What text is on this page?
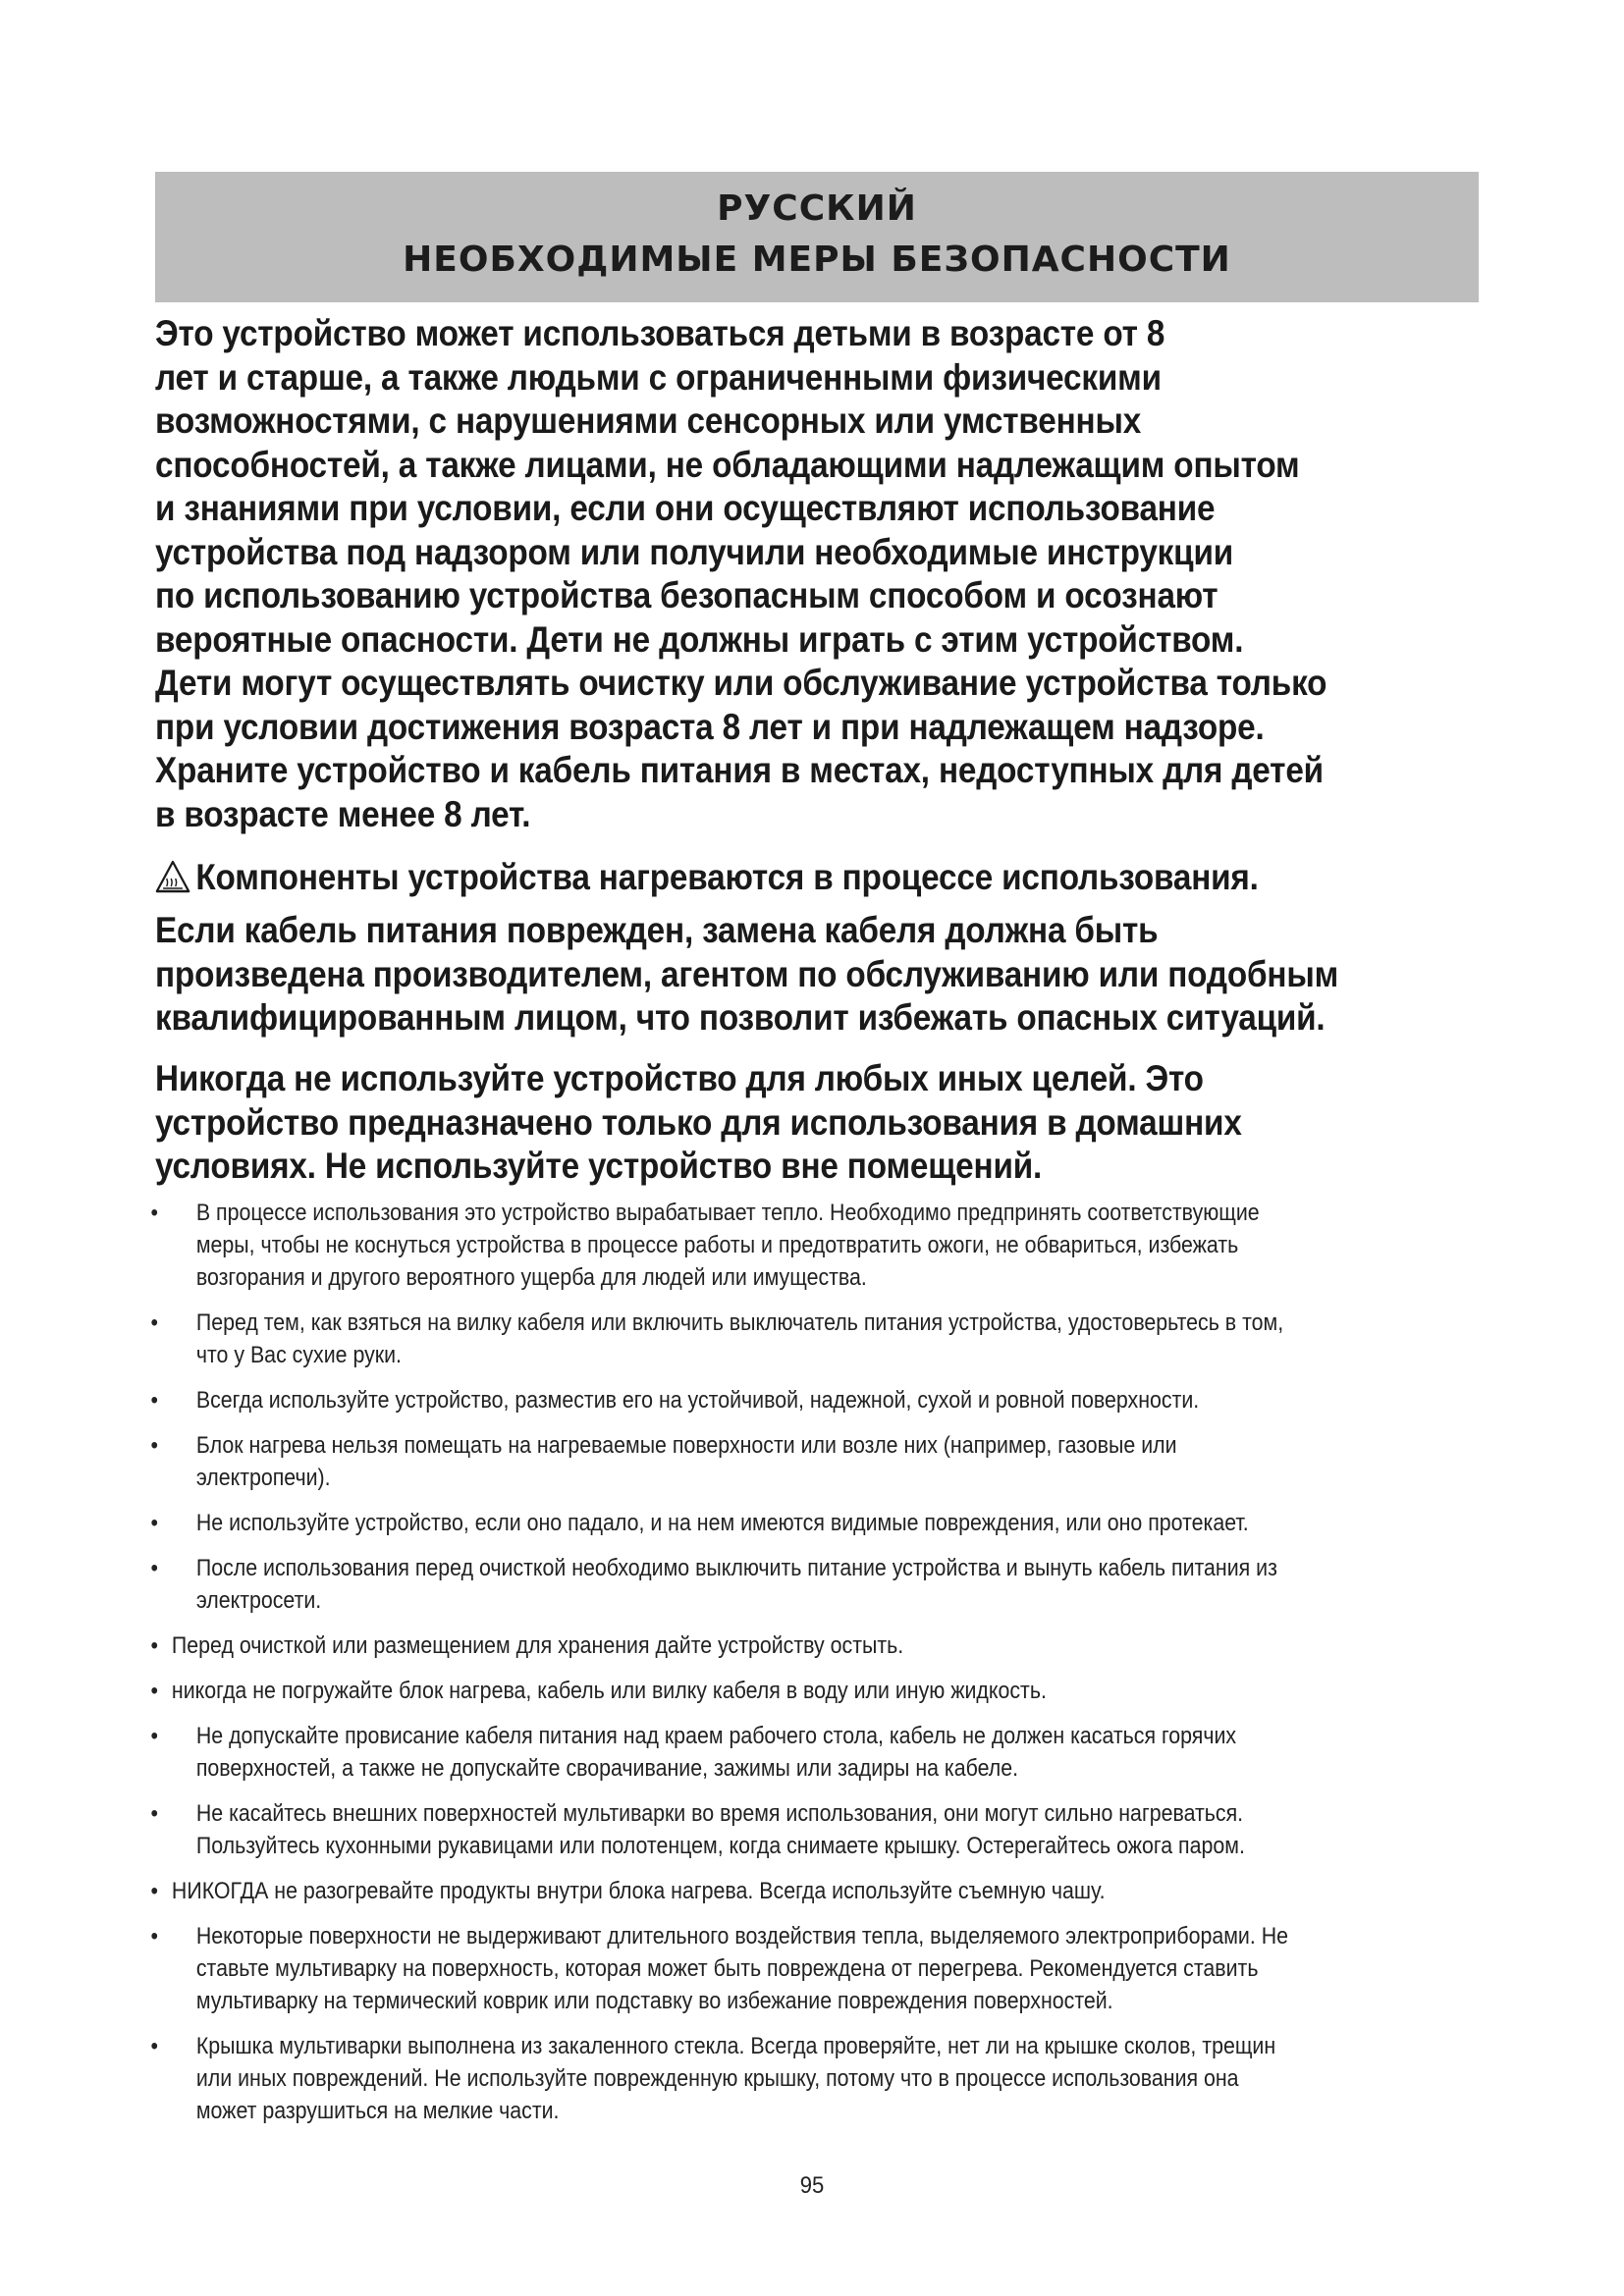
РУССКИЙ
НЕОБХОДИМЫЕ МЕРЫ БЕЗОПАСНОСТИ
Это устройство может использоваться детьми в возрасте от 8
лет и старше, а также людьми с ограниченными физическими
возможностями, с нарушениями сенсорных или умственных
способностей, а также лицами, не обладающими надлежащим опытом
и знаниями при условии, если они осуществляют использование
устройства под надзором или получили необходимые инструкции
по использованию устройства безопасным способом и осознают
вероятные опасности. Дети не должны играть с этим устройством.
Дети могут осуществлять очистку или обслуживание устройства только
при условии достижения возраста 8 лет и при надлежащем надзоре.
Храните устройство и кабель питания в местах, недоступных для детей
в возрасте менее 8 лет.
Компоненты устройства нагреваются в процессе использования.
Если кабель питания поврежден, замена кабеля должна быть
произведена производителем, агентом по обслуживанию или подобным
квалифицированным лицом, что позволит избежать опасных ситуаций.
Никогда не используйте устройство для любых иных целей. Это
устройство предназначено только для использования в домашних
условиях. Не используйте устройство вне помещений.
• В процессе использования это устройство вырабатывает тепло. Необходимо предпринять соответствующие
меры, чтобы не коснуться устройства в процессе работы и предотвратить ожоги, не обвариться, избежать
возгорания и другого вероятного ущерба для людей или имущества.
• Перед тем, как взяться на вилку кабеля или включить выключатель питания устройства, удостоверьтесь в том,
что у Вас сухие руки.
• Всегда используйте устройство, разместив его на устойчивой, надежной, сухой и ровной поверхности.
• Блок нагрева нельзя помещать на нагреваемые поверхности или возле них (например, газовые или
электропечи).
• Не используйте устройство, если оно падало, и на нем имеются видимые повреждения, или оно протекает.
• После использования перед очисткой необходимо выключить питание устройства и вынуть кабель питания из
электросети.
• Перед очисткой или размещением для хранения дайте устройству остыть.
• никогда не погружайте блок нагрева, кабель или вилку кабеля в воду или иную жидкость.
• Не допускайте провисание кабеля питания над краем рабочего стола, кабель не должен касаться горячих
поверхностей, а также не допускайте сворачивание, зажимы или задиры на кабеле.
• Не касайтесь внешних поверхностей мультиварки во время использования, они могут сильно нагреваться.
Пользуйтесь кухонными рукавицами или полотенцем, когда снимаете крышку. Остерегайтесь ожога паром.
• НИКОГДА не разогревайте продукты внутри блока нагрева. Всегда используйте съемную чашу.
• Некоторые поверхности не выдерживают длительного воздействия тепла, выделяемого электроприборами. Не
ставьте мультиварку на поверхность, которая может быть повреждена от перегрева. Рекомендуется ставить
мультиварку на термический коврик или подставку во избежание повреждения поверхностей.
• Крышка мультиварки выполнена из закаленного стекла. Всегда проверяйте, нет ли на крышке сколов, трещин
или иных повреждений. Не используйте поврежденную крышку, потому что в процессе использования она
может разрушиться на мелкие части.
95
